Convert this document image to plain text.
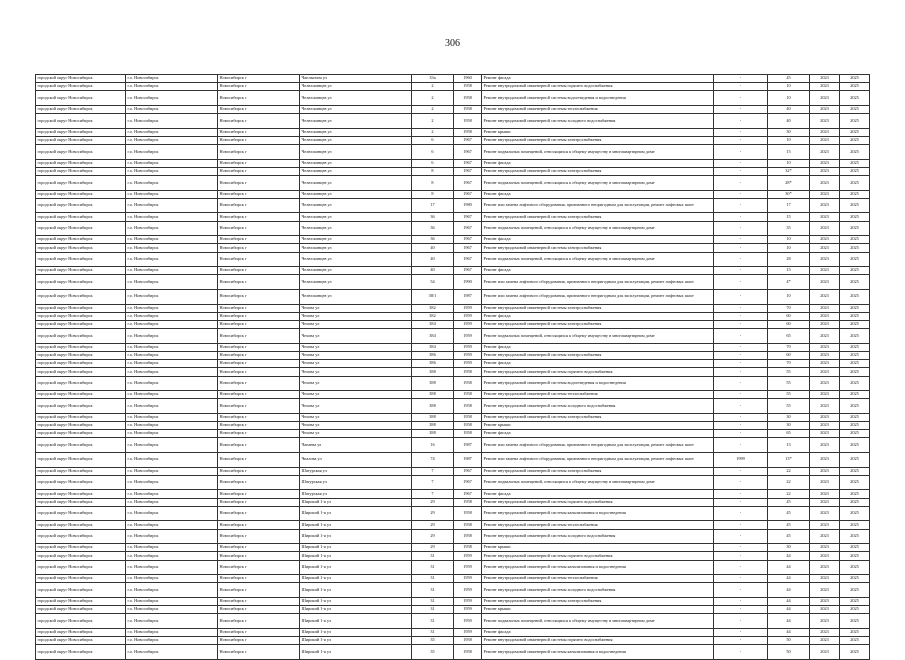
306
городской округ Новосибирск	г.о. Новосибирск	Новосибирск г	Чаплыгина ул	33а	1960	Ремонт фасада	-	45	2023	2025
городской округ Новосибирск	г.о. Новосибирск	Новосибирск г	Челюскинцев ул	2	1958	Ремонт внутридомовой инженерной системы горячего водоснабжения	-	10	2023	2025
городской округ Новосибирск	г.о. Новосибирск	Новосибирск г	Челюскинцев ул	2	1958	Ремонт внутридомовой инженерной системы водоотведения и водоотведения	-	10	2023	2025
городской округ Новосибирск	г.о. Новосибирск	Новосибирск г	Челюскинцев ул	2	1958	Ремонт внутридомовой инженерной системы теплоснабжения	-	40	2023	2025
городской округ Новосибирск	г.о. Новосибирск	Новосибирск г	Челюскинцев ул	2	1958	Ремонт внутридомовой инженерной системы холодного водоснабжения	-	40	2023	2025
городской округ Новосибирск	г.о. Новосибирск	Новосибирск г	Челюскинцев ул	2	1958	Ремонт крыши	-	30	2023	2025
городской округ Новосибирск	г.о. Новосибирск	Новосибирск г	Челюскинцев ул	6	1967	Ремонт внутридомовой инженерной системы электроснабжения	-	10	2023	2025
городской округ Новосибирск	г.о. Новосибирск	Новосибирск г	Челюскинцев ул	6	1967	Ремонт подвальных помещений, относящихся к общему имуществу в многоквартирном доме	-	15	2023	2025
городской округ Новосибирск	г.о. Новосибирск	Новосибирск г	Челюскинцев ул	6	1967	Ремонт фасада	-	10	2023	2025
городской округ Новосибирск	г.о. Новосибирск	Новосибирск г	Челюскинцев ул	8	1967	Ремонт внутридомовой инженерной системы электроснабжения	-	32*	2023	2025
городской округ Новосибирск	г.о. Новосибирск	Новосибирск г	Челюскинцев ул	8	1967	Ремонт подвальных помещений, относящихся к общему имуществу в многоквартирном доме	-	28*	2023	2025
городской округ Новосибирск	г.о. Новосибирск	Новосибирск г	Челюскинцев ул	8	1967	Ремонт фасада	-	30*	2023	2025
городской округ Новосибирск	г.о. Новосибирск	Новосибирск г	Челюскинцев ул	17	1980	Ремонт или замена лифтового оборудования, признанного непригодным для эксплуатации, ремонт лифтовых шахт	-	17	2023	2025
городской округ Новосибирск	г.о. Новосибирск	Новосибирск г	Челюскинцев ул	36	1967	Ремонт внутридомовой инженерной системы электроснабжения	-	15	2023	2025
городской округ Новосибирск	г.о. Новосибирск	Новосибирск г	Челюскинцев ул	36	1967	Ремонт подвальных помещений, относящихся к общему имуществу в многоквартирном доме	-	35	2023	2025
городской округ Новосибирск	г.о. Новосибирск	Новосибирск г	Челюскинцев ул	36	1967	Ремонт фасада	-	10	2023	2025
городской округ Новосибирск	г.о. Новосибирск	Новосибирск г	Челюскинцев ул	40	1967	Ремонт внутридомовой инженерной системы электроснабжения	-	10	2023	2025
городской округ Новосибирск	г.о. Новосибирск	Новосибирск г	Челюскинцев ул	40	1967	Ремонт подвальных помещений, относящихся к общему имуществу в многоквартирном доме	-	28	2023	2025
городской округ Новосибирск	г.о. Новосибирск	Новосибирск г	Челюскинцев ул	40	1967	Ремонт фасада	-	15	2023	2025
городской округ Новосибирск	г.о. Новосибирск	Новосибирск г	Челюскинцев ул	54	1990	Ремонт или замена лифтового оборудования, признанного непригодным для эксплуатации, ремонт лифтовых шахт	-	4*	2023	2025
городской округ Новосибирск	г.о. Новосибирск	Новосибирск г	Челюскинцев ул	38/1	1987	Ремонт или замена лифтового оборудования, признанного непригодным для эксплуатации, ремонт лифтовых шахт	-	10	2023	2025
городской округ Новосибирск	г.о. Новосибирск	Новосибирск г	Чехова ул	382	1959	Ремонт внутридомовой инженерной системы электроснабжения	-	70	2023	2025
городской округ Новосибирск	г.о. Новосибирск	Новосибирск г	Чехова ул	382	1959	Ремонт фасада	-	60	2023	2025
городской округ Новосибирск	г.о. Новосибирск	Новосибирск г	Чехова ул	384	1959	Ремонт внутридомовой инженерной системы электроснабжения	-	60	2023	2025
городской округ Новосибирск	г.о. Новосибирск	Новосибирск г	Чехова ул	384	1959	Ремонт подвальных помещений, относящихся к общему имуществу в многоквартирном доме	-	65	2023	2025
городской округ Новосибирск	г.о. Новосибирск	Новосибирск г	Чехова ул	384	1959	Ремонт фасада	-	70	2023	2025
городской округ Новосибирск	г.о. Новосибирск	Новосибирск г	Чехова ул	386	1959	Ремонт внутридомовой инженерной системы электроснабжения	-	60	2023	2025
городской округ Новосибирск	г.о. Новосибирск	Новосибирск г	Чехова ул	386	1959	Ремонт фасада	-	70	2023	2025
городской округ Новосибирск	г.о. Новосибирск	Новосибирск г	Чехова ул	388	1958	Ремонт внутридомовой инженерной системы горячего водоснабжения	-	55	2023	2025
городской округ Новосибирск	г.о. Новосибирск	Новосибирск г	Чехова ул	388	1958	Ремонт внутридомовой инженерной системы водоотведения и водоотведения	-	55	2023	2025
городской округ Новосибирск	г.о. Новосибирск	Новосибирск г	Чехова ул	388	1958	Ремонт внутридомовой инженерной системы теплоснабжения	-	55	2023	2025
городской округ Новосибирск	г.о. Новосибирск	Новосибирск г	Чехова ул	388	1958	Ремонт внутридомовой инженерной системы холодного водоснабжения	-	55	2023	2025
городской округ Новосибирск	г.о. Новосибирск	Новосибирск г	Чехова ул	388	1958	Ремонт внутридомовой инженерной системы электроснабжения	-	30	2023	2025
городской округ Новосибирск	г.о. Новосибирск	Новосибирск г	Чехова ул	388	1958	Ремонт крыши	-	30	2023	2025
городской округ Новосибирск	г.о. Новосибирск	Новосибирск г	Чехова ул	388	1958	Ремонт фасада	-	65	2023	2025
городской округ Новосибирск	г.о. Новосибирск	Новосибирск г	Чапаева ул	16	1987	Ремонт или замена лифтового оборудования, признанного непригодным для эксплуатации, ремонт лифтовых шахт	-	13	2023	2025
городской округ Новосибирск	г.о. Новосибирск	Новосибирск г	Чкалова ул	74	1987	Ремонт или замена лифтового оборудования, признанного непригодным для эксплуатации, ремонт лифтовых шахт	1999	13*	2023	2025
городской округ Новосибирск	г.о. Новосибирск	Новосибирск г	Шатурская ул	7	1967	Ремонт внутридомовой инженерной системы электроснабжения	-	22	2023	2025
городской округ Новосибирск	г.о. Новосибирск	Новосибирск г	Шатурская ул	7	1967	Ремонт подвальных помещений, относящихся к общему имуществу в многоквартирном доме	-	22	2023	2025
городской округ Новосибирск	г.о. Новосибирск	Новосибирск г	Шатурская ул	7	1967	Ремонт фасада	-	22	2023	2025
городской округ Новосибирск	г.о. Новосибирск	Новосибирск г	Широкий 1-я ул	29	1958	Ремонт внутридомовой инженерной системы горячего водоснабжения	-	45	2023	2025
городской округ Новосибирск	г.о. Новосибирск	Новосибирск г	Широкий 1-я ул	29	1958	Ремонт внутридомовой инженерной системы канализования и водоотведения	-	45	2023	2025
городской округ Новосибирск	г.о. Новосибирск	Новосибирск г	Широкий 1-я ул	29	1958	Ремонт внутридомовой инженерной системы теплоснабжения	-	45	2023	2025
городской округ Новосибирск	г.о. Новосибирск	Новосибирск г	Широкий 1-я ул	29	1958	Ремонт внутридомовой инженерной системы холодного водоснабжения	-	45	2023	2025
городской округ Новосибирск	г.о. Новосибирск	Новосибирск г	Широкий 1-я ул	29	1958	Ремонт крыши	-	30	2023	2025
городской округ Новосибирск	г.о. Новосибирск	Новосибирск г	Широкий 1-я ул	31	1959	Ремонт внутридомовой инженерной системы горячего водоснабжения	-	44	2023	2025
городской округ Новосибирск	г.о. Новосибирск	Новосибирск г	Широкий 1-я ул	31	1959	Ремонт внутридомовой инженерной системы канализования и водоотведения	-	44	2023	2025
городской округ Новосибирск	г.о. Новосибирск	Новосибирск г	Широкий 1-я ул	31	1959	Ремонт внутридомовой инженерной системы теплоснабжения	-	44	2023	2025
городской округ Новосибирск	г.о. Новосибирск	Новосибирск г	Широкий 1-я ул	31	1959	Ремонт внутридомовой инженерной системы холодного водоснабжения	-	44	2023	2025
городской округ Новосибирск	г.о. Новосибирск	Новосибирск г	Широкий 1-я ул	31	1959	Ремонт внутридомовой инженерной системы электроснабжения	-	44	2023	2025
городской округ Новосибирск	г.о. Новосибирск	Новосибирск г	Широкий 1-я ул	31	1959	Ремонт крыши	-	44	2023	2025
городской округ Новосибирск	г.о. Новосибирск	Новосибирск г	Широкий 1-я ул	31	1959	Ремонт подвальных помещений, относящихся к общему имуществу в многоквартирном доме	-	44	2023	2025
городской округ Новосибирск	г.о. Новосибирск	Новосибирск г	Широкий 1-я ул	31	1959	Ремонт фасада	-	44	2023	2025
городской округ Новосибирск	г.о. Новосибирск	Новосибирск г	Широкий 1-я ул	35	1958	Ремонт внутридомовой инженерной системы горячего водоснабжения	-	50	2023	2025
городской округ Новосибирск	г.о. Новосибирск	Новосибирск г	Широкий 1-я ул	35	1958	Ремонт внутридомовой инженерной системы канализования и водоотведения	-	50	2023	2025
